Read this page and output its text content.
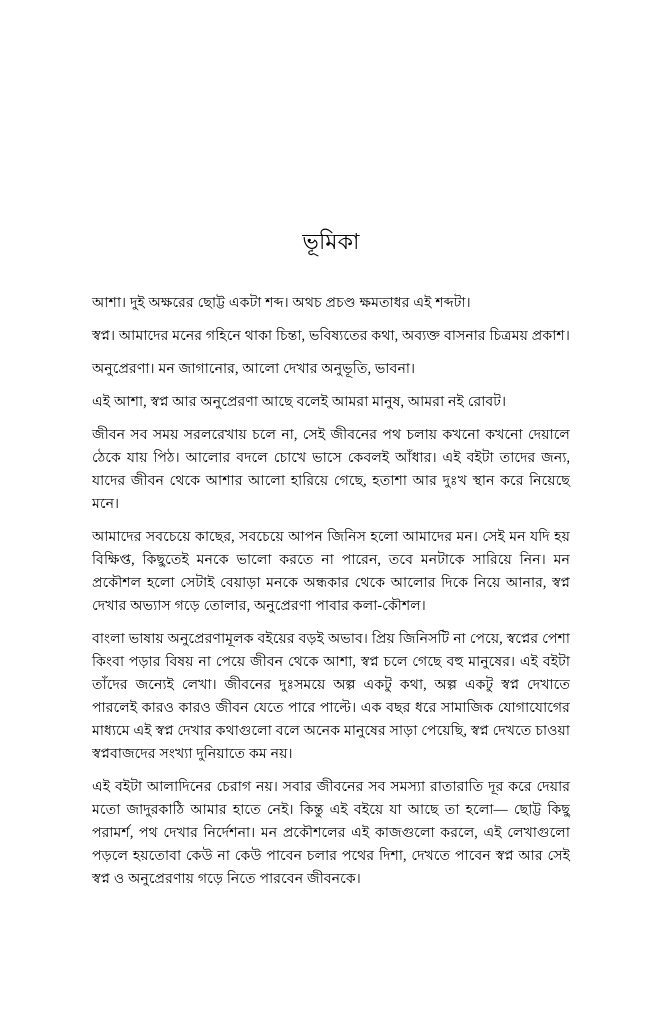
ভূমিকা

আশা। দুই অক্ষরের ছোট্ট একটা শব্দ। অথচ প্রচণ্ড ক্ষমতাধর এই শব্দটা।

স্বপ্ন। আমাদের মনের গহিনে থাকা চিন্তা, ভবিষ্যতের কথা, অব্যক্ত বাসনার চিত্রময় প্রকাশ।

অনুপ্রেরণা। মন জাগানোর, আলো দেখার অনুভূতি, ভাবনা।

এই আশা, স্বপ্ন আর অনুপ্রেরণা আছে বলেই আমরা মানুষ, আমরা নই রোবট।

জীবন সব সময় সরলরেখায় চলে না, সেই জীবনের পথ চলায় কখনো কখনো দেয়ালে ঠেকে যায় পিঠ। আলোর বদলে চোখে ভাসে কেবলই আঁধার। এই বইটা তাদের জন্য, যাদের জীবন থেকে আশার আলো হারিয়ে গেছে, হতাশা আর দুঃখ স্থান করে নিয়েছে মনে।

আমাদের সবচেয়ে কাছের, সবচেয়ে আপন জিনিস হলো আমাদের মন। সেই মন যদি হয় বিক্ষিপ্ত, কিছুতেই মনকে ভালো করতে না পারেন, তবে মনটাকে সারিয়ে নিন। মন প্রকৌশল হলো সেটাই বেয়াড়া মনকে অন্ধকার থেকে আলোর দিকে নিয়ে আনার, স্বপ্ন দেখার অভ্যাস গড়ে তোলার, অনুপ্রেরণা পাবার কলা-কৌশল।

বাংলা ভাষায় অনুপ্রেরণামূলক বইয়ের বড়ই অভাব। প্রিয় জিনিসটি না পেয়ে, স্বপ্নের পেশা কিংবা পড়ার বিষয় না পেয়ে জীবন থেকে আশা, স্বপ্ন চলে গেছে বহু মানুষের। এই বইটা তাঁদের জন্যেই লেখা। জীবনের দুঃসময়ে অল্প একটু কথা, অল্প একটু স্বপ্ন দেখাতে পারলেই কারও কারও জীবন যেতে পারে পাল্টে। এক বছর ধরে সামাজিক যোগাযোগের মাধ্যমে এই স্বপ্ন দেখার কথাগুলো বলে অনেক মানুষের সাড়া পেয়েছি, স্বপ্ন দেখতে চাওয়া স্বপ্নবাজদের সংখ্যা দুনিয়াতে কম নয়।

এই বইটা আলাদিনের চেরাগ নয়। সবার জীবনের সব সমস্যা রাতারাতি দূর করে দেয়ার মতো জাদুরকাঠি আমার হাতে নেই। কিন্তু এই বইয়ে যা আছে তা হলো— ছোট্ট কিছু পরামর্শ, পথ দেখার নির্দেশনা। মন প্রকৌশলের এই কাজগুলো করলে, এই লেখাগুলো পড়লে হয়তোবা কেউ না কেউ পাবেন চলার পথের দিশা, দেখতে পাবেন স্বপ্ন আর সেই স্বপ্ন ও অনুপ্রেরণায় গড়ে নিতে পারবেন জীবনকে।
